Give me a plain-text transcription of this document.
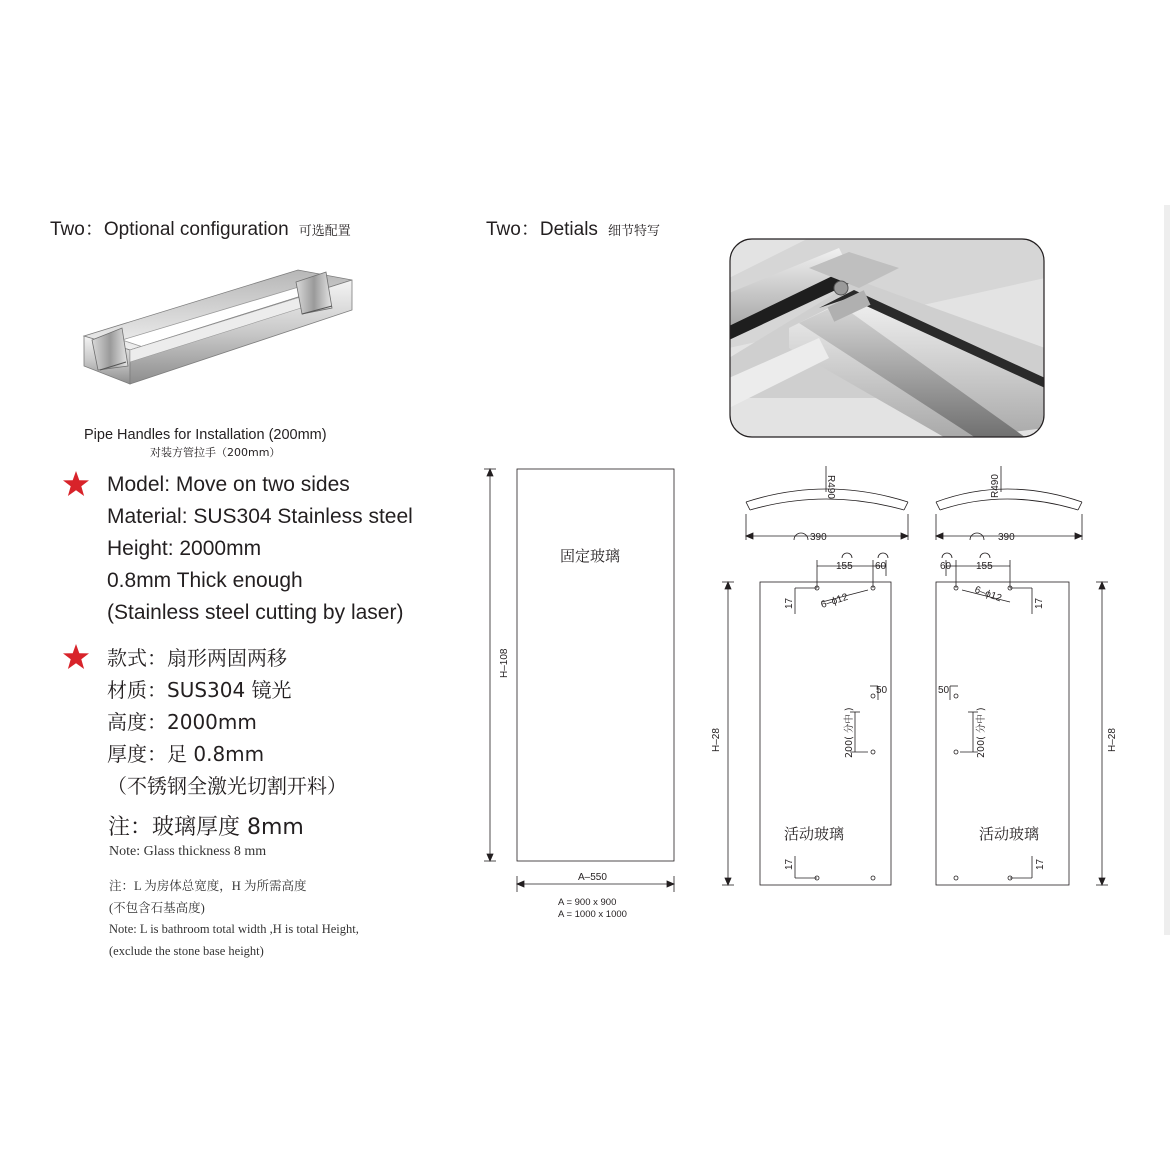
Two：Optional configuration 可选配置	Two：Detials 细节特写
Pipe Handles for Installation (200mm)
对装方管拉手（200mm）
Model: Move on two sides
Material: SUS304 Stainless steel
Height: 2000mm
0.8mm Thick enough
(Stainless steel cutting by laser)
款式：扇形两固两移
材质：SUS304 镜光
高度：2000mm
厚度：足 0.8mm
（不锈钢全激光切割开料）
注：玻璃厚度 8mm
Note: Glass thickness 8 mm
注：L 为房体总宽度，H 为所需高度
(不包含石基高度)
Note: L is bathroom total width ,H is total Height,
(exclude the stone base height)
固定玻璃
H–108
A–550
A = 900 x 900
A = 1000 x 1000
R490
390
155 60
6–ϕ12
17
50
200( 分中 )
H–28
活动玻璃
17
R490
390
155
60
6–ϕ12	17
50
200( 分中 )	H–28
活动玻璃
17
